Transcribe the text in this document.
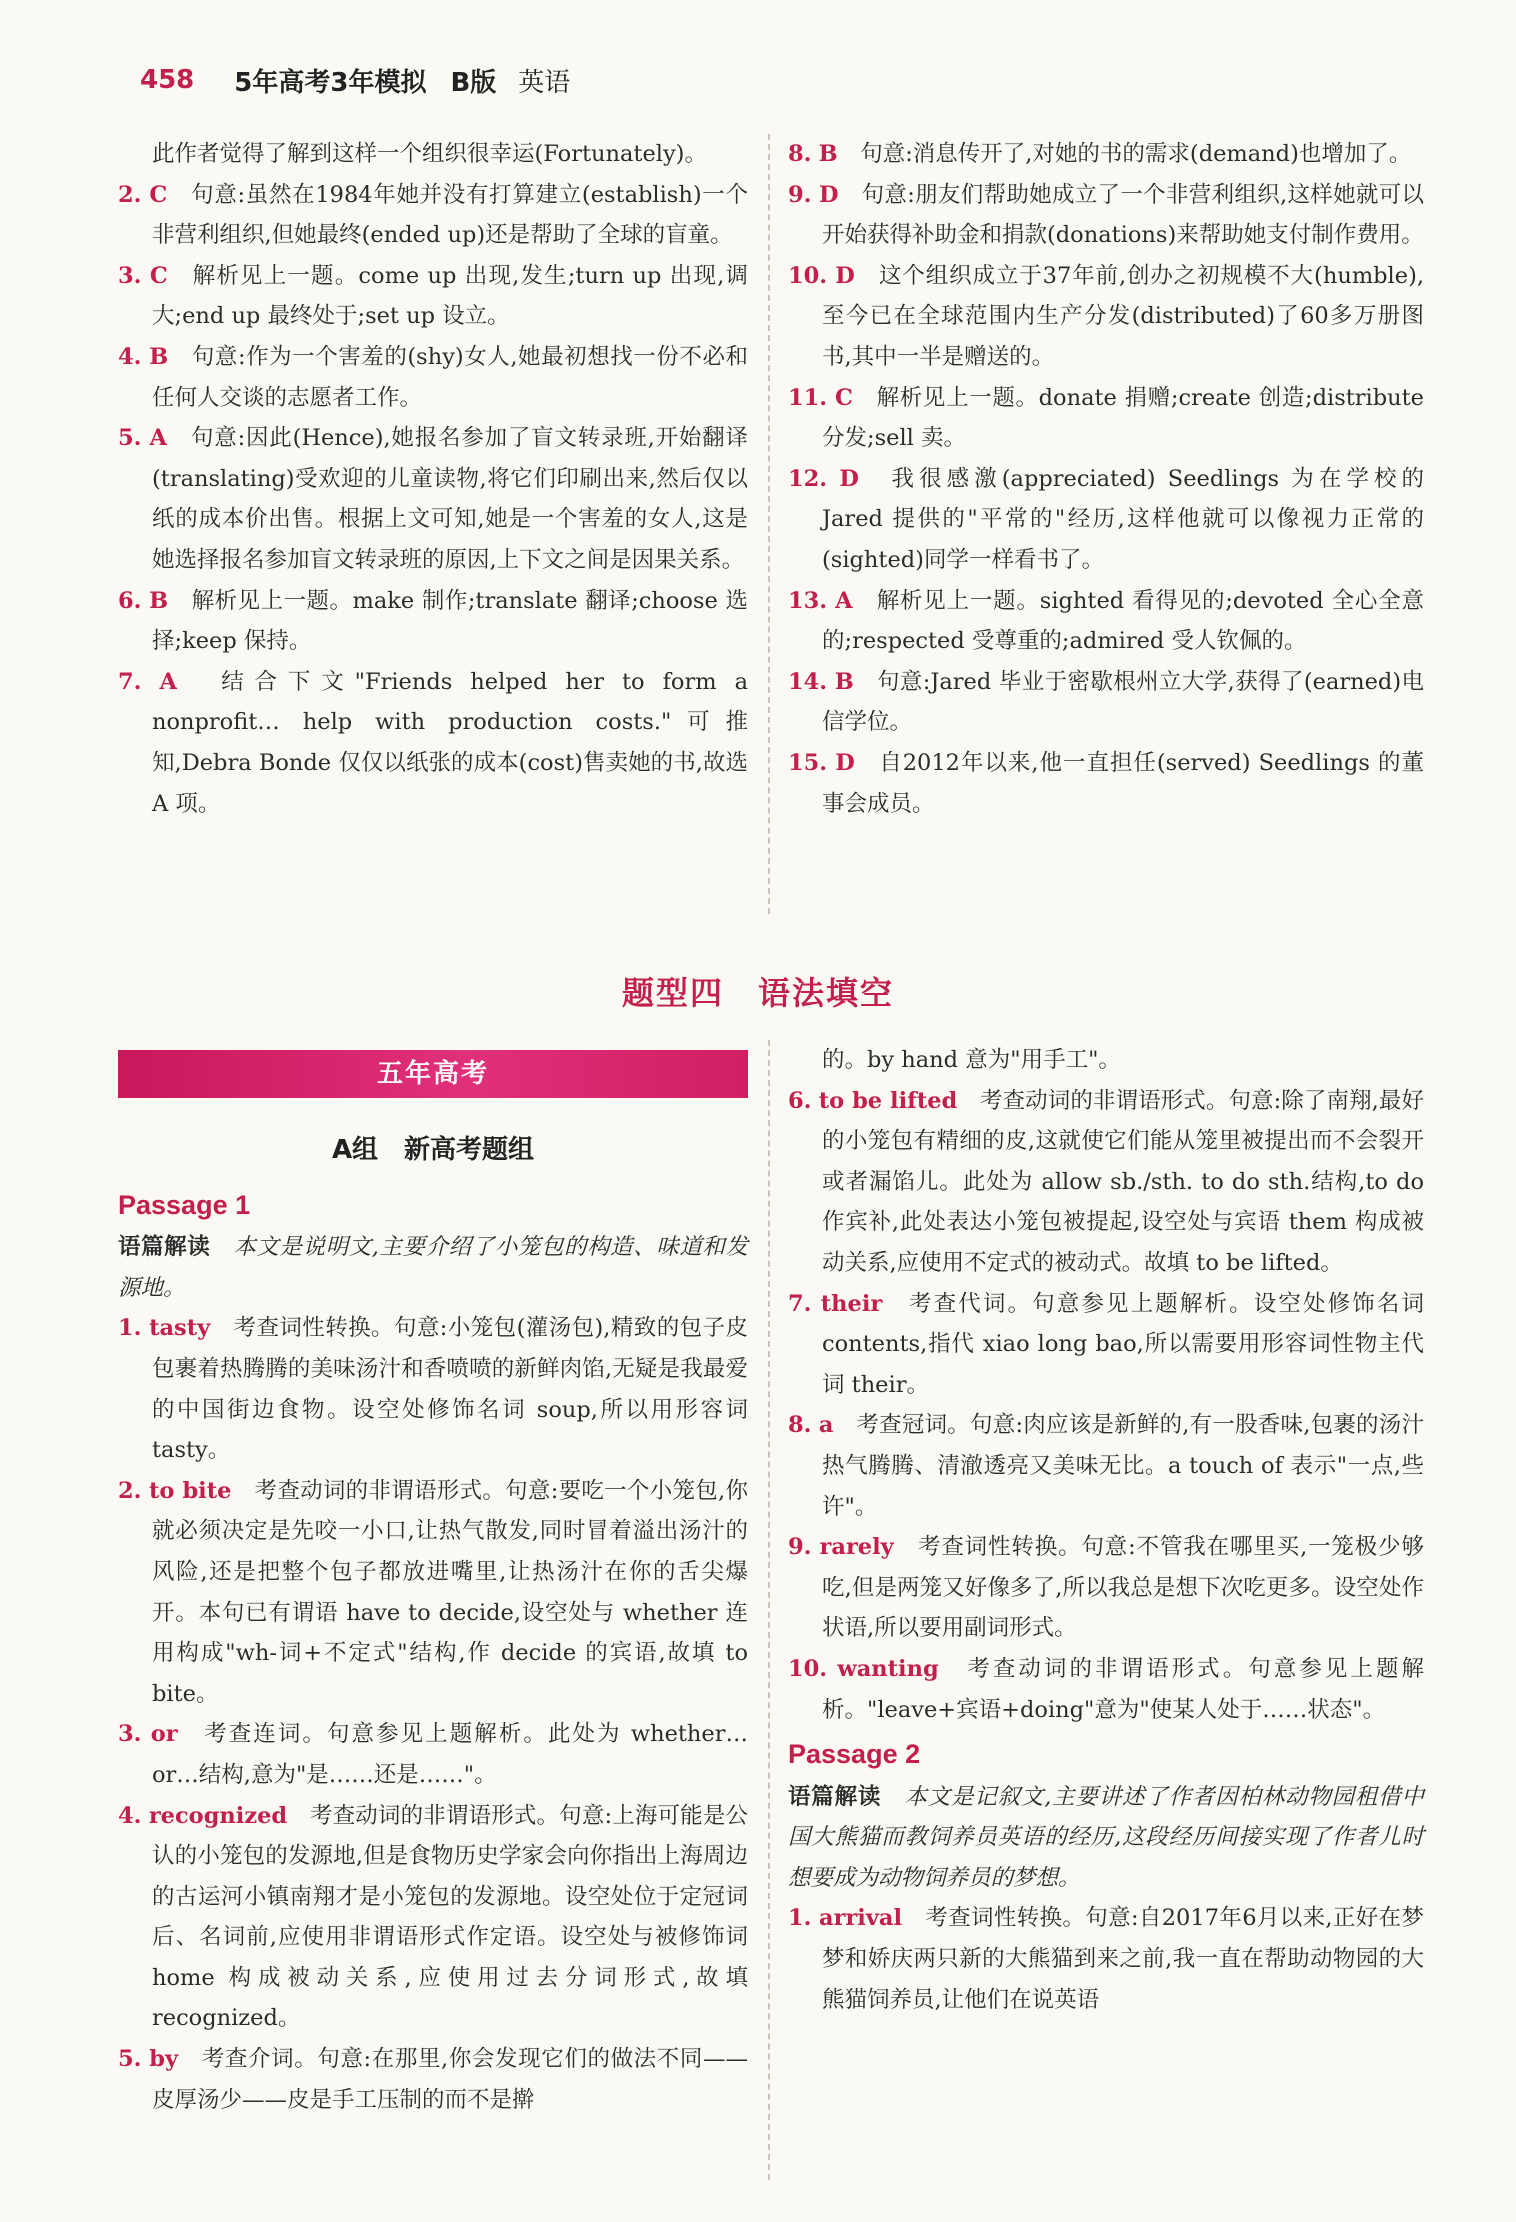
458 5年高考3年模拟 B版 英语

此作者觉得了解到这样一个组织很幸运(Fortunately)。

2. C　 句意:虽然在1984年她并没有打算建立(establish)一个非营利组织,但她最终(ended up)还是帮助了全球的盲童。

3. C　 解析见上一题。come up 出现,发生;turn up 出现,调大;end up 最终处于;set up 设立。

4. B　 句意:作为一个害羞的(shy)女人,她最初想找一份不必和任何人交谈的志愿者工作。

5. A　 句意:因此(Hence),她报名参加了盲文转录班,开始翻译(translating)受欢迎的儿童读物,将它们印刷出来,然后仅以纸的成本价出售。根据上文可知,她是一个害羞的女人,这是她选择报名参加盲文转录班的原因,上下文之间是因果关系。

6. B　 解析见上一题。make 制作;translate 翻译;choose 选择;keep 保持。

7. A　 结合下文"Friends helped her to form a nonprofit… help with production costs."可推知,Debra Bonde 仅仅以纸张的成本(cost)售卖她的书,故选 A 项。

8. B　 句意:消息传开了,对她的书的需求(demand)也增加了。

9. D　 句意:朋友们帮助她成立了一个非营利组织,这样她就可以开始获得补助金和捐款(donations)来帮助她支付制作费用。

10. D　 这个组织成立于37年前,创办之初规模不大(humble),至今已在全球范围内生产分发(distributed)了60多万册图书,其中一半是赠送的。

11. C　 解析见上一题。donate 捐赠;create 创造;distribute 分发;sell 卖。

12. D　 我很感激(appreciated) Seedlings 为在学校的 Jared 提供的"平常的"经历,这样他就可以像视力正常的(sighted)同学一样看书了。

13. A　 解析见上一题。sighted 看得见的;devoted 全心全意的;respected 受尊重的;admired 受人钦佩的。

14. B　 句意:Jared 毕业于密歇根州立大学,获得了(earned)电信学位。

15. D　 自2012年以来,他一直担任(served) Seedlings 的董事会成员。

题型四　语法填空
五年高考
A组　新高考题组
Passage 1

语篇解读　 本文是说明文,主要介绍了小笼包的构造、味道和发源地。

1. tasty　 考查词性转换。句意:小笼包(灌汤包),精致的包子皮包裹着热腾腾的美味汤汁和香喷喷的新鲜肉馅,无疑是我最爱的中国街边食物。设空处修饰名词 soup,所以用形容词 tasty。

2. to bite　 考查动词的非谓语形式。句意:要吃一个小笼包,你就必须决定是先咬一小口,让热气散发,同时冒着溢出汤汁的风险,还是把整个包子都放进嘴里,让热汤汁在你的舌尖爆开。本句已有谓语 have to decide,设空处与 whether 连用构成"wh-词+不定式"结构,作 decide 的宾语,故填 to bite。

3. or　 考查连词。句意参见上题解析。此处为 whether…or…结构,意为"是……还是……"。

4. recognized　 考查动词的非谓语形式。句意:上海可能是公认的小笼包的发源地,但是食物历史学家会向你指出上海周边的古运河小镇南翔才是小笼包的发源地。设空处位于定冠词后、名词前,应使用非谓语形式作定语。设空处与被修饰词 home 构成被动关系,应使用过去分词形式,故填 recognized。

5. by　 考查介词。句意:在那里,你会发现它们的做法不同——皮厚汤少——皮是手工压制的而不是擀

的。by hand 意为"用手工"。

6. to be lifted　 考查动词的非谓语形式。句意:除了南翔,最好的小笼包有精细的皮,这就使它们能从笼里被提出而不会裂开或者漏馅儿。此处为 allow sb./sth. to do sth.结构,to do 作宾补,此处表达小笼包被提起,设空处与宾语 them 构成被动关系,应使用不定式的被动式。故填 to be lifted。

7. their　 考查代词。句意参见上题解析。设空处修饰名词 contents,指代 xiao long bao,所以需要用形容词性物主代词 their。

8. a　 考查冠词。句意:肉应该是新鲜的,有一股香味,包裹的汤汁热气腾腾、清澈透亮又美味无比。a touch of 表示"一点,些许"。

9. rarely　 考查词性转换。句意:不管我在哪里买,一笼极少够吃,但是两笼又好像多了,所以我总是想下次吃更多。设空处作状语,所以要用副词形式。

10. wanting　 考查动词的非谓语形式。句意参见上题解析。"leave+宾语+doing"意为"使某人处于……状态"。

Passage 2

语篇解读　 本文是记叙文,主要讲述了作者因柏林动物园租借中国大熊猫而教饲养员英语的经历,这段经历间接实现了作者儿时想要成为动物饲养员的梦想。

1. arrival　 考查词性转换。句意:自2017年6月以来,正好在梦梦和娇庆两只新的大熊猫到来之前,我一直在帮助动物园的大熊猫饲养员,让他们在说英语
